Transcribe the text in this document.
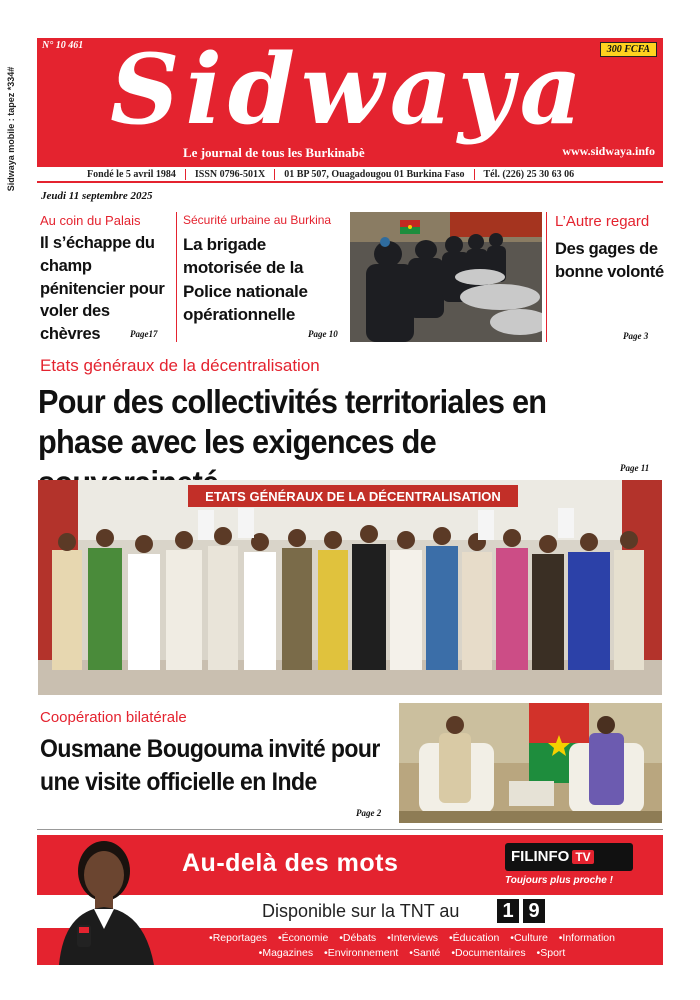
Sidwaya mobile : tapez *334#
N° 10 461	300 FCFA
Sidwaya
Le journal de tous les Burkinabè	www.sidwaya.info
Fondé le 5 avril 1984	ISSN 0796-501X	01 BP 507, Ouagadougou 01 Burkina Faso	Tél. (226) 25 30 63 06
Jeudi 11 septembre 2025
Au coin du Palais
Il s’échappe du champ pénitencier pour voler des chèvres	Page17
Sécurité urbaine au Burkina
La brigade motorisée de la Police nationale opérationnelle
Page 10
L’Autre regard
Des gages de bonne volonté
Page 3
Etats généraux de la décentralisation
Pour des collectivités territoriales en phase avec les exigences de
Page 11
ETATS GÉNÉRAUX DE LA DÉCENTRALISATION
Coopération bilatérale
Ousmane Bougouma invité pour une visite officielle en Inde
Page 2
Au-delà des mots	FILINFO TV
Toujours plus proche !
Disponible sur la TNT au 1 9
•Reportages •Économie •Débats •Interviews •Éducation •Culture •Information
•Magazines •Environnement •Santé •Documentaires •Sport
